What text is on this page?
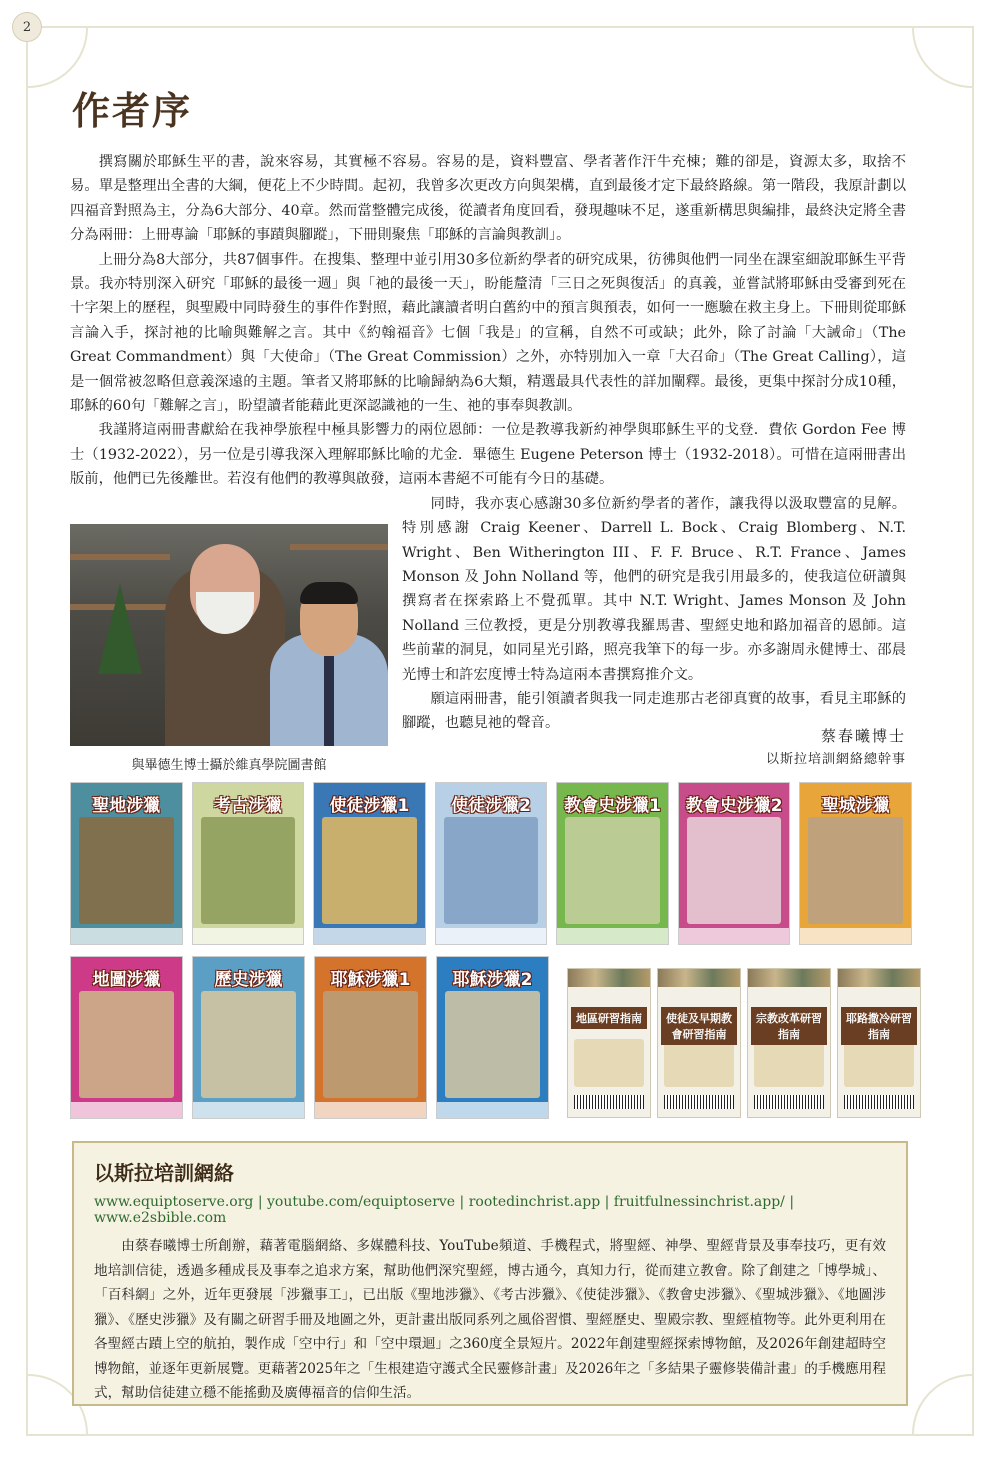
2
作者序

撰寫關於耶穌生平的書，說來容易，其實極不容易。容易的是，資料豐富、學者著作汗牛充棟；難的卻是，資源太多，取捨不易。單是整理出全書的大綱，便花上不少時間。起初，我曾多次更改方向與架構，直到最後才定下最終路線。第一階段，我原計劃以四福音對照為主，分為6大部分、40章。然而當整體完成後，從讀者角度回看，發現趣味不足，遂重新構思與編排，最終決定將全書分為兩冊：上冊專論「耶穌的事蹟與腳蹤」，下冊則聚焦「耶穌的言論與教訓」。

上冊分為8大部分，共87個事件。在搜集、整理中並引用30多位新約學者的研究成果，彷彿與他們一同坐在課室細說耶穌生平背景。我亦特別深入研究「耶穌的最後一週」與「祂的最後一天」，盼能釐清「三日之死與復活」的真義，並嘗試將耶穌由受審到死在十字架上的歷程，與聖殿中同時發生的事件作對照，藉此讓讀者明白舊約中的預言與預表，如何一一應驗在救主身上。下冊則從耶穌言論入手，探討祂的比喻與難解之言。其中《約翰福音》七個「我是」的宣稱，自然不可或缺；此外，除了討論「大誡命」（The Great Commandment）與「大使命」（The Great Commission）之外，亦特別加入一章「大召命」（The Great Calling），這是一個常被忽略但意義深遠的主題。筆者又將耶穌的比喻歸納為6大類，精選最具代表性的詳加闡釋。最後，更集中探討分成10種，耶穌的60句「難解之言」，盼望讀者能藉此更深認識祂的一生、祂的事奉與教訓。

我謹將這兩冊書獻給在我神學旅程中極具影響力的兩位恩師：一位是教導我新約神學與耶穌生平的戈登．費依 Gordon Fee 博士（1932-2022），另一位是引導我深入理解耶穌比喻的尤金．畢德生 Eugene Peterson 博士（1932-2018）。可惜在這兩冊書出版前，他們已先後離世。若沒有他們的教導與啟發，這兩本書絕不可能有今日的基礎。

同時，我亦衷心感謝30多位新約學者的著作，讓我得以汲取豐富的見解。特別感謝 Craig Keener、Darrell L. Bock、Craig Blomberg、N.T. Wright、Ben Witherington III、F. F. Bruce、R.T. France、James Monson 及 John Nolland 等，他們的研究是我引用最多的，使我這位研讀與撰寫者在探索路上不覺孤單。其中 N.T. Wright、James Monson 及 John Nolland 三位教授，更是分別教導我羅馬書、聖經史地和路加福音的恩師。這些前輩的洞見，如同星光引路，照亮我筆下的每一步。亦多謝周永健博士、邵晨光博士和許宏度博士特為這兩本書撰寫推介文。

願這兩冊書，能引領讀者與我一同走進那古老卻真實的故事，看見主耶穌的腳蹤，也聽見祂的聲音。

與畢德生博士攝於維真學院圖書館
蔡春曦博士
以斯拉培訓網絡總幹事
聖地涉獵	考古涉獵	使徒涉獵1	使徒涉獵2	教會史涉獵1	教會史涉獵2	聖城涉獵
地圖涉獵	歷史涉獵	耶穌涉獵1	耶穌涉獵2
地區研習指南	使徒及早期教會研習指南
宗教改革研習指南
耶路撒冷研習指南
以斯拉培訓網絡
www.equiptoserve.org | youtube.com/equiptoserve | rootedinchrist.app | fruitfulnessinchrist.app/ | www.e2sbible.com
由蔡春曦博士所創辦，藉著電腦網絡、多媒體科技、YouTube頻道、手機程式，將聖經、神學、聖經背景及事奉技巧，更有效地培訓信徒，透過多種成長及事奉之追求方案，幫助他們深究聖經，博古通今，真知力行，從而建立教會。除了創建之「博學城」、「百科網」之外，近年更發展「涉獵事工」，已出版《聖地涉獵》、《考古涉獵》、《使徒涉獵》、《教會史涉獵》、《聖城涉獵》、《地圖涉獵》、《歷史涉獵》及有關之研習手冊及地圖之外，更計畫出版同系列之風俗習慣、聖經歷史、聖殿宗教、聖經植物等。此外更利用在各聖經古蹟上空的航拍，製作成「空中行」和「空中環迴」之360度全景短片。2022年創建聖經探索博物館，及2026年創建超時空博物館，並逐年更新展覽。更藉著2025年之「生根建造守護式全民靈修計畫」及2026年之「多結果子靈修裝備計畫」的手機應用程式，幫助信徒建立穩不能搖動及廣傳福音的信仰生活。
